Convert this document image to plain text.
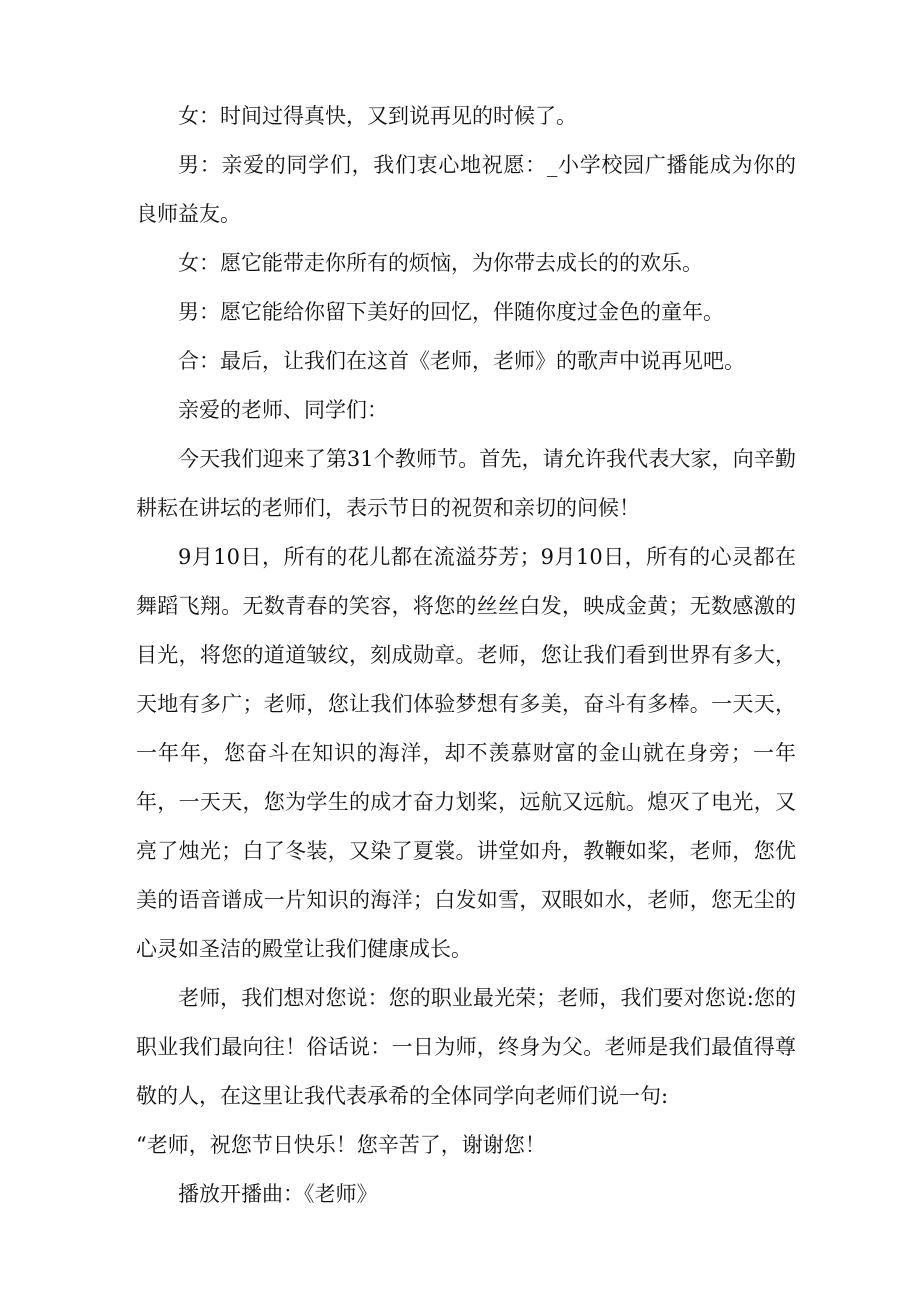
女：时间过得真快，又到说再见的时候了。

男：亲爱的同学们，我们衷心地祝愿：_小学校园广播能成为你的良师益友。

女：愿它能带走你所有的烦恼，为你带去成长的的欢乐。

男：愿它能给你留下美好的回忆，伴随你度过金色的童年。

合：最后，让我们在这首《老师，老师》的歌声中说再见吧。

亲爱的老师、同学们：

今天我们迎来了第31个教师节。首先，请允许我代表大家，向辛勤耕耘在讲坛的老师们，表示节日的祝贺和亲切的问候！

9月10日，所有的花儿都在流溢芬芳；9月10日，所有的心灵都在舞蹈飞翔。无数青春的笑容，将您的丝丝白发，映成金黄；无数感激的目光，将您的道道皱纹，刻成勋章。老师，您让我们看到世界有多大，天地有多广；老师，您让我们体验梦想有多美，奋斗有多棒。一天天，一年年，您奋斗在知识的海洋，却不羡慕财富的金山就在身旁；一年年，一天天，您为学生的成才奋力划桨，远航又远航。熄灭了电光，又亮了烛光；白了冬装，又染了夏裳。讲堂如舟，教鞭如桨，老师，您优美的语音谱成一片知识的海洋；白发如雪，双眼如水，老师，您无尘的心灵如圣洁的殿堂让我们健康成长。

老师，我们想对您说：您的职业最光荣；老师，我们要对您说:您的职业我们最向往！俗话说：一日为师，终身为父。老师是我们最值得尊敬的人，在这里让我代表承希的全体同学向老师们说一句:

“老师，祝您节日快乐！您辛苦了，谢谢您！

播放开播曲：《老师》
